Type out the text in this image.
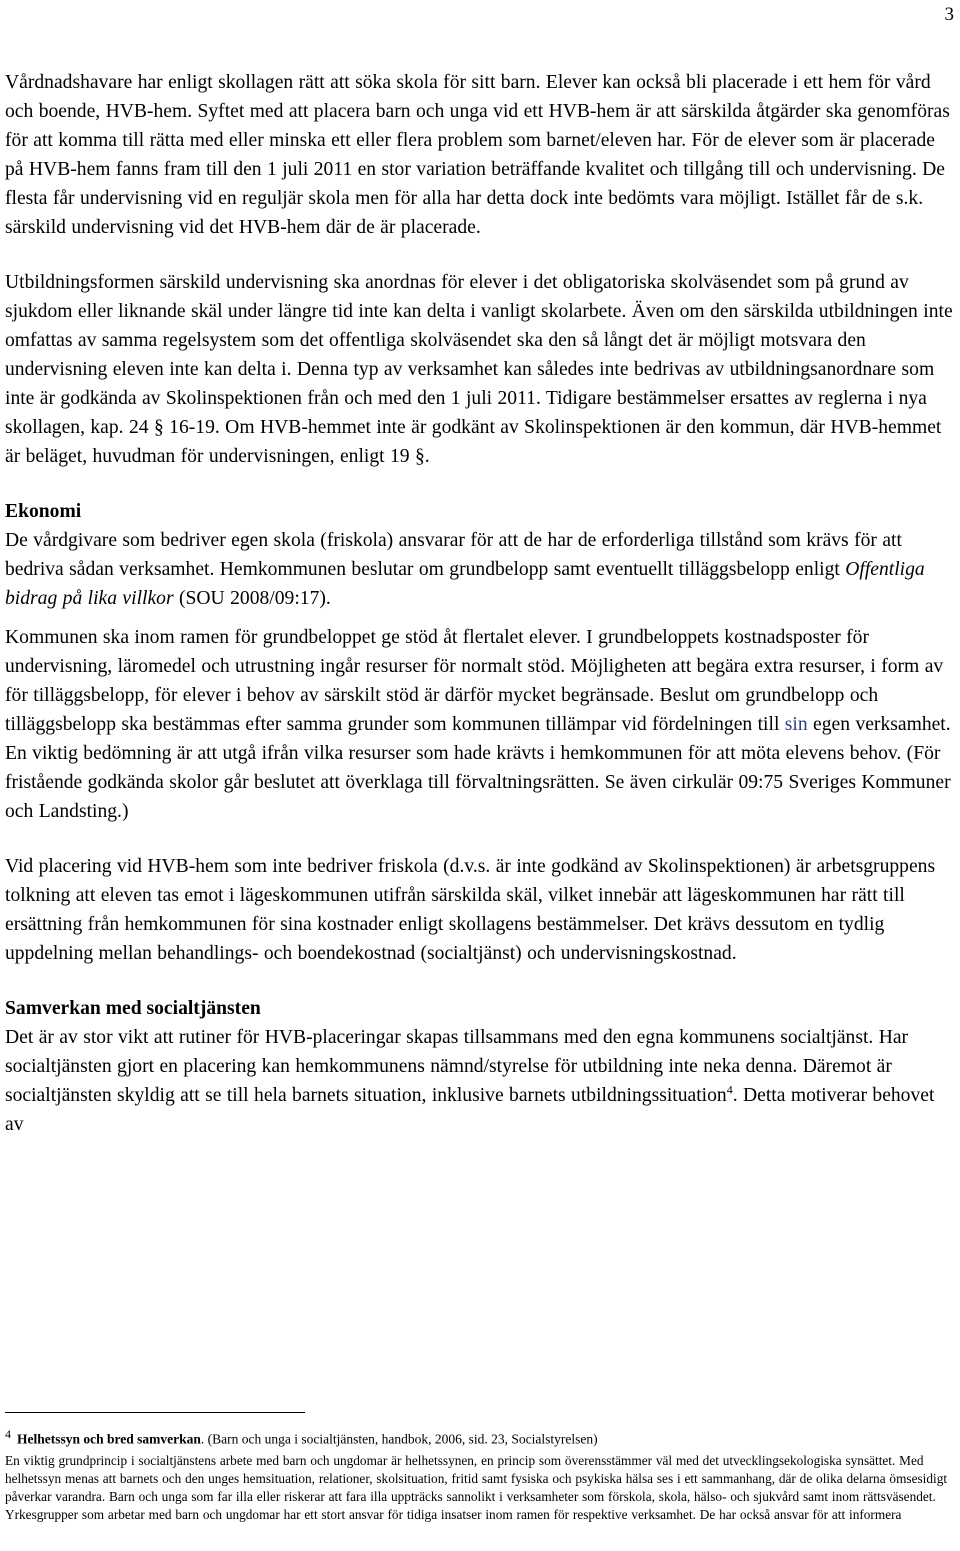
3

Vårdnadshavare har enligt skollagen rätt att söka skola för sitt barn. Elever kan också bli placerade i ett hem för vård och boende, HVB-hem. Syftet med att placera barn och unga vid ett HVB-hem är att särskilda åtgärder ska genomföras för att komma till rätta med eller minska ett eller flera problem som barnet/eleven har. För de elever som är placerade på HVB-hem fanns fram till den 1 juli 2011 en stor variation beträffande kvalitet och tillgång till och undervisning. De flesta får undervisning vid en reguljär skola men för alla har detta dock inte bedömts vara möjligt. Istället får de s.k. särskild undervisning vid det HVB-hem där de är placerade.

Utbildningsformen särskild undervisning ska anordnas för elever i det obligatoriska skolväsendet som på grund av sjukdom eller liknande skäl under längre tid inte kan delta i vanligt skolarbete. Även om den särskilda utbildningen inte omfattas av samma regelsystem som det offentliga skolväsendet ska den så långt det är möjligt motsvara den undervisning eleven inte kan delta i. Denna typ av verksamhet kan således inte bedrivas av utbildningsanordnare som inte är godkända av Skolinspektionen från och med den 1 juli 2011. Tidigare bestämmelser ersattes av reglerna i nya skollagen, kap. 24 § 16-19. Om HVB-hemmet inte är godkänt av Skolinspektionen är den kommun, där HVB-hemmet är beläget, huvudman för undervisningen, enligt 19 §.

Ekonomi

De vårdgivare som bedriver egen skola (friskola) ansvarar för att de har de erforderliga tillstånd som krävs för att bedriva sådan verksamhet. Hemkommunen beslutar om grundbelopp samt eventuellt tilläggsbelopp enligt Offentliga bidrag på lika villkor (SOU 2008/09:17).

Kommunen ska inom ramen för grundbeloppet ge stöd åt flertalet elever. I grundbeloppets kostnadsposter för undervisning, läromedel och utrustning ingår resurser för normalt stöd. Möjligheten att begära extra resurser, i form av för tilläggsbelopp, för elever i behov av särskilt stöd är därför mycket begränsade. Beslut om grundbelopp och tilläggsbelopp ska bestämmas efter samma grunder som kommunen tillämpar vid fördelningen till sin egen verksamhet. En viktig bedömning är att utgå ifrån vilka resurser som hade krävts i hemkommunen för att möta elevens behov. (För fristående godkända skolor går beslutet att överklaga till förvaltningsrätten. Se även cirkulär 09:75 Sveriges Kommuner och Landsting.)

Vid placering vid HVB-hem som inte bedriver friskola (d.v.s. är inte godkänd av Skolinspektionen) är arbetsgruppens tolkning att eleven tas emot i lägeskommunen utifrån särskilda skäl, vilket innebär att lägeskommunen har rätt till ersättning från hemkommunen för sina kostnader enligt skollagens bestämmelser. Det krävs dessutom en tydlig uppdelning mellan behandlings- och boendekostnad (socialtjänst) och undervisningskostnad.

Samverkan med socialtjänsten

Det är av stor vikt att rutiner för HVB-placeringar skapas tillsammans med den egna kommunens socialtjänst. Har socialtjänsten gjort en placering kan hemkommunens nämnd/styrelse för utbildning inte neka denna. Däremot är socialtjänsten skyldig att se till hela barnets situation, inklusive barnets utbildningssituation$^4$. Detta motiverar behovet av

4 Helhetssyn och bred samverkan. (Barn och unga i socialtjänsten, handbok, 2006, sid. 23, Socialstyrelsen)

En viktig grundprincip i socialtjänstens arbete med barn och ungdomar är helhetssynen, en princip som överensstämmer väl med det utvecklingsekologiska synsättet. Med helhetssyn menas att barnets och den unges hemsituation, relationer, skolsituation, fritid samt fysiska och psykiska hälsa ses i ett sammanhang, där de olika delarna ömsesidigt påverkar varandra. Barn och unga som far illa eller riskerar att fara illa uppträcks sannolikt i verksamheter som förskola, skola, hälso- och sjukvård samt inom rättsväsendet. Yrkesgrupper som arbetar med barn och ungdomar har ett stort ansvar för tidiga insatser inom ramen för respektive verksamhet. De har också ansvar för att informera
